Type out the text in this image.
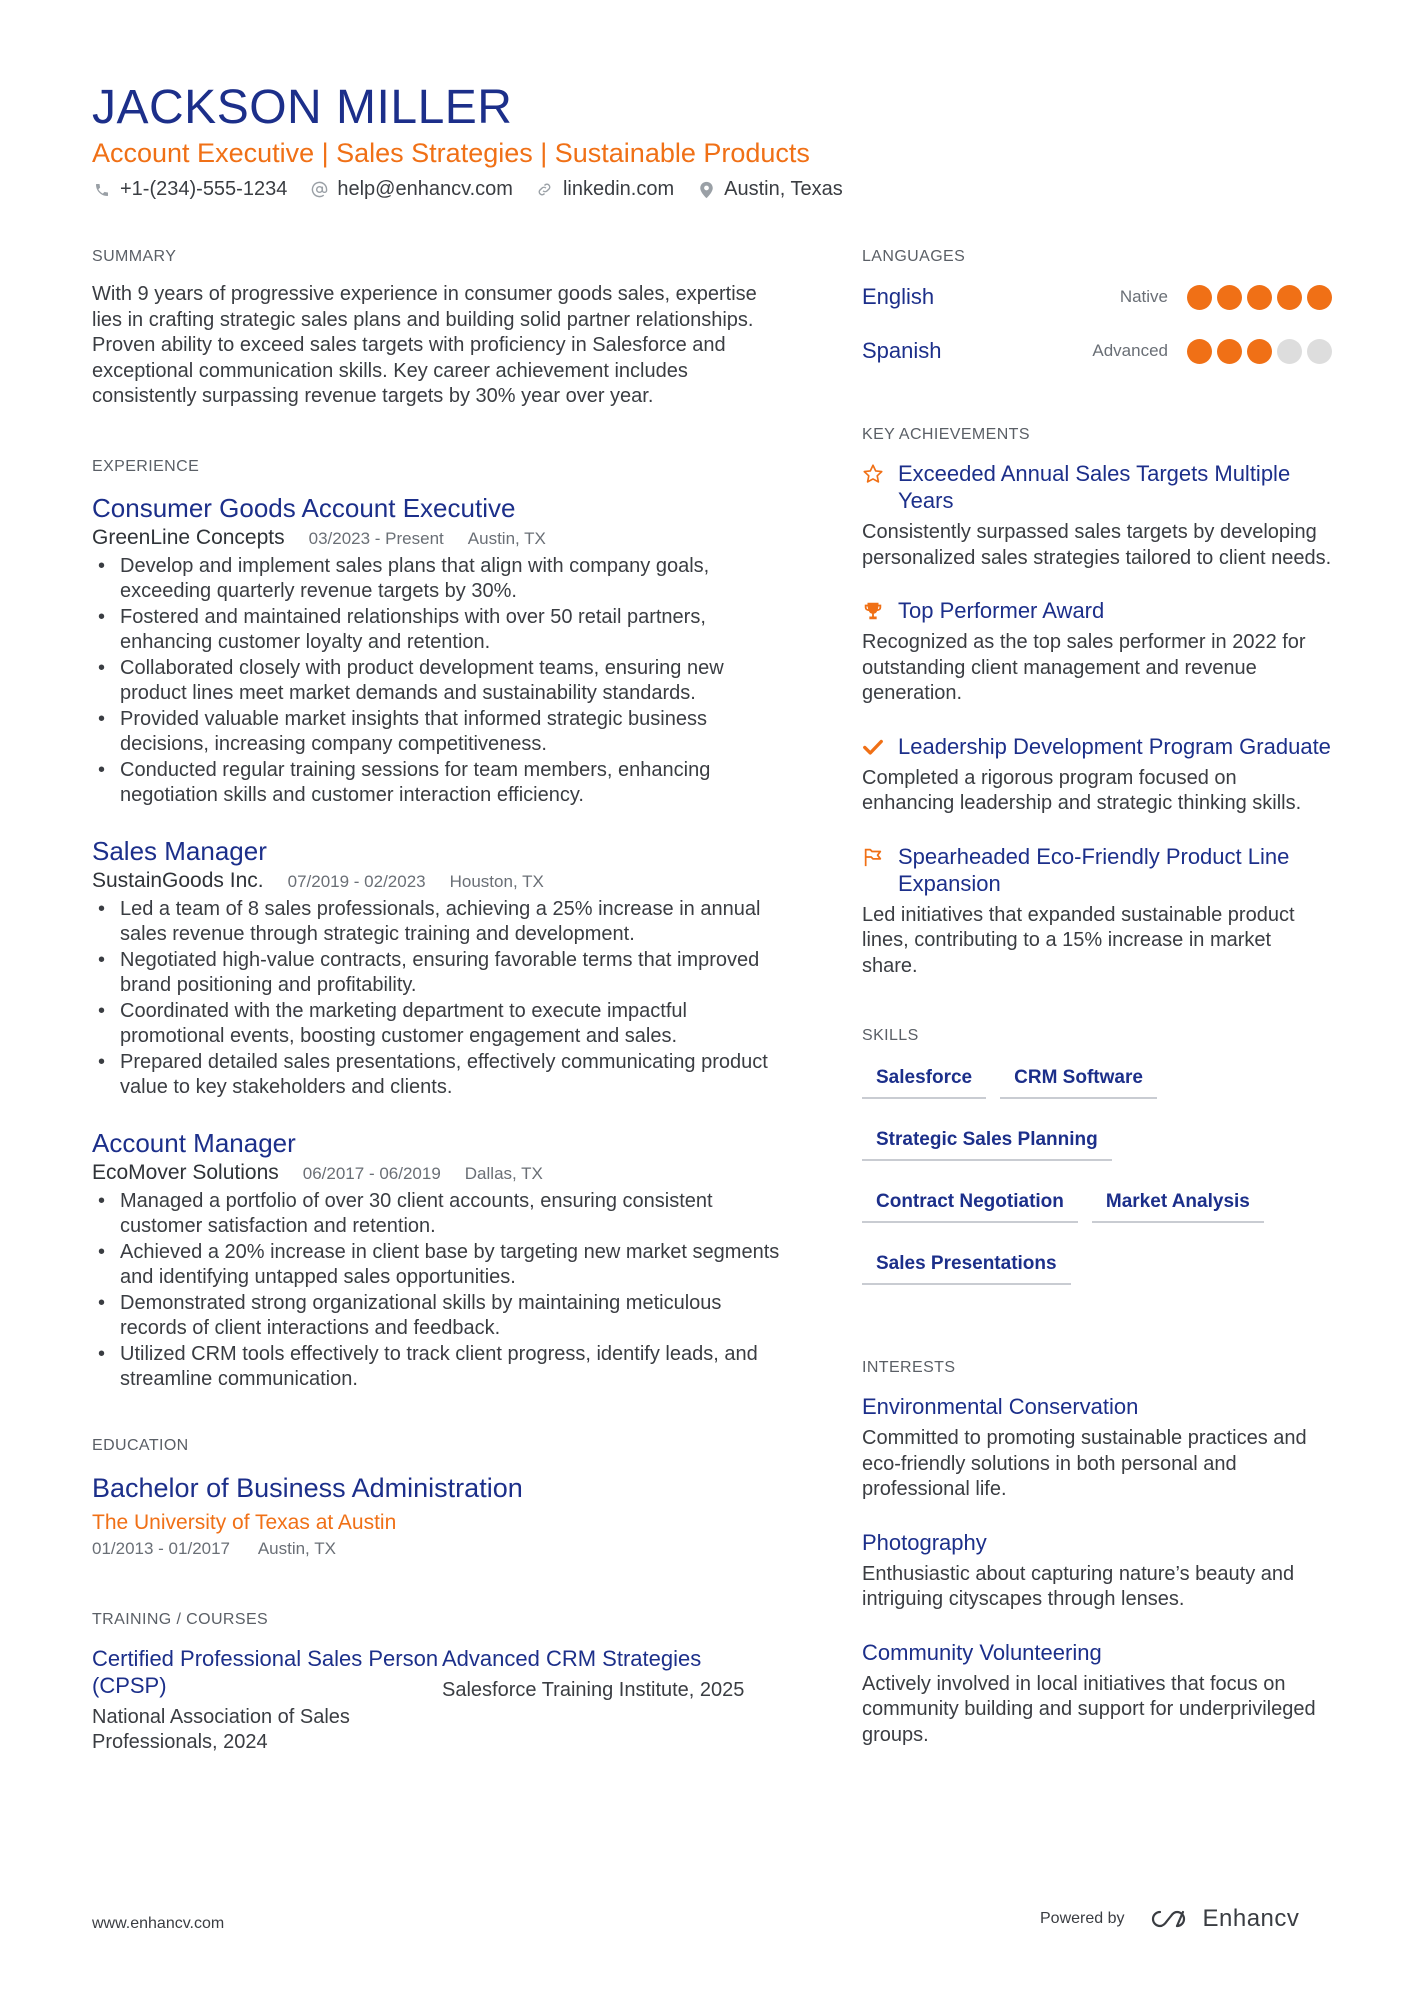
JACKSON MILLER
Account Executive | Sales Strategies | Sustainable Products
+1-(234)-555-1234	help@enhancv.com	linkedin.com	Austin, Texas
SUMMARY

With 9 years of progressive experience in consumer goods sales, expertise lies in crafting strategic sales plans and building solid partner relationships. Proven ability to exceed sales targets with proficiency in Salesforce and exceptional communication skills. Key career achievement includes consistently surpassing revenue targets by 30% year over year.

EXPERIENCE
Consumer Goods Account Executive
GreenLine Concepts 03/2023 - Present Austin, TX
• Develop and implement sales plans that align with company goals, exceeding quarterly revenue targets by 30%.
• Fostered and maintained relationships with over 50 retail partners, enhancing customer loyalty and retention.
• Collaborated closely with product development teams, ensuring new product lines meet market demands and sustainability standards.
• Provided valuable market insights that informed strategic business decisions, increasing company competitiveness.
• Conducted regular training sessions for team members, enhancing negotiation skills and customer interaction efficiency.
Sales Manager
SustainGoods Inc. 07/2019 - 02/2023 Houston, TX
• Led a team of 8 sales professionals, achieving a 25% increase in annual sales revenue through strategic training and development.
• Negotiated high-value contracts, ensuring favorable terms that improved brand positioning and profitability.
• Coordinated with the marketing department to execute impactful promotional events, boosting customer engagement and sales.
• Prepared detailed sales presentations, effectively communicating product value to key stakeholders and clients.
Account Manager
EcoMover Solutions 06/2017 - 06/2019 Dallas, TX
• Managed a portfolio of over 30 client accounts, ensuring consistent customer satisfaction and retention.
• Achieved a 20% increase in client base by targeting new market segments and identifying untapped sales opportunities.
• Demonstrated strong organizational skills by maintaining meticulous records of client interactions and feedback.
• Utilized CRM tools effectively to track client progress, identify leads, and streamline communication.
EDUCATION
Bachelor of Business Administration
The University of Texas at Austin
01/2013 - 01/2017 Austin, TX
TRAINING / COURSES
Certified Professional Sales Person (CPSP)
National Association of Sales Professionals, 2024
Advanced CRM Strategies
Salesforce Training Institute, 2025
LANGUAGES
English	Native
Spanish	Advanced
KEY ACHIEVEMENTS
Exceeded Annual Sales Targets Multiple Years
Consistently surpassed sales targets by developing personalized sales strategies tailored to client needs.
Top Performer Award
Recognized as the top sales performer in 2022 for outstanding client management and revenue generation.
Leadership Development Program Graduate
Completed a rigorous program focused on enhancing leadership and strategic thinking skills.
Spearheaded Eco-Friendly Product Line Expansion
Led initiatives that expanded sustainable product lines, contributing to a 15% increase in market share.
SKILLS
Salesforce	CRM Software
Strategic Sales Planning
Contract Negotiation	Market Analysis
Sales Presentations
INTERESTS
Environmental Conservation
Committed to promoting sustainable practices and eco-friendly solutions in both personal and professional life.
Photography
Enthusiastic about capturing nature’s beauty and intriguing cityscapes through lenses.
Community Volunteering
Actively involved in local initiatives that focus on community building and support for underprivileged groups.
www.enhancv.com	Powered by	Enhancv
